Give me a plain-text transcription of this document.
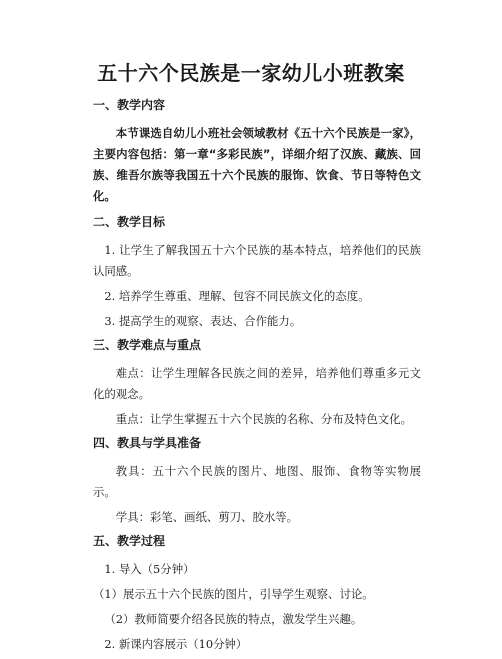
五十六个民族是一家幼儿小班教案

一、教学内容

本节课选自幼儿小班社会领域教材《五十六个民族是一家》，主要内容包括：第一章“多彩民族”，详细介绍了汉族、藏族、回族、维吾尔族等我国五十六个民族的服饰、饮食、节日等特色文化。

二、教学目标

1. 让学生了解我国五十六个民族的基本特点，培养他们的民族认同感。

2. 培养学生尊重、理解、包容不同民族文化的态度。

3. 提高学生的观察、表达、合作能力。

三、教学难点与重点

难点：让学生理解各民族之间的差异，培养他们尊重多元文化的观念。

重点：让学生掌握五十六个民族的名称、分布及特色文化。

四、教具与学具准备

教具：五十六个民族的图片、地图、服饰、食物等实物展示。

学具：彩笔、画纸、剪刀、胶水等。

五、教学过程

1. 导入（5分钟）

（1）展示五十六个民族的图片，引导学生观察、讨论。

（2）教师简要介绍各民族的特点，激发学生兴趣。

2. 新课内容展示（10分钟）
